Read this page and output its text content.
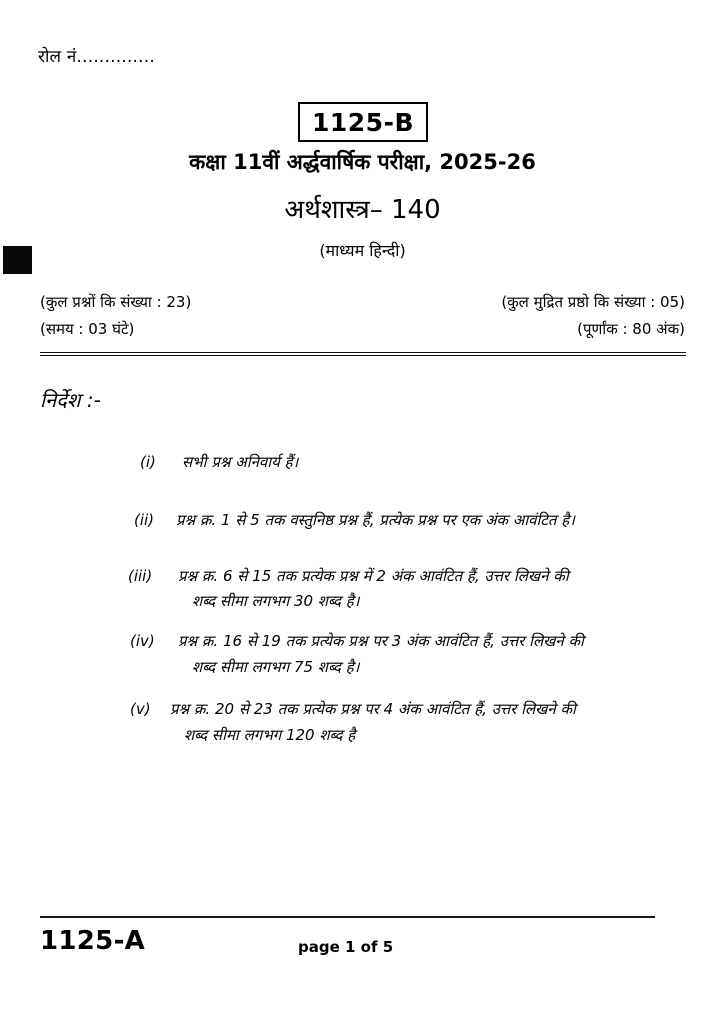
रोल नं..............
1125-B
कक्षा 11वीं अर्द्धवार्षिक परीक्षा, 2025-26
अर्थशास्त्र– 140
(माध्यम हिन्दी)
(कुल प्रश्नों कि संख्या : 23)	(कुल मुद्रित प्रष्ठो कि संख्या : 05)
(समय : 03 घंटे)	(पूर्णांक : 80 अंक)
निर्देश :-
(i)	सभी प्रश्न अनिवार्य हैं।
(ii)	प्रश्न क्र. 1 से 5 तक वस्तुनिष्ठ प्रश्न हैं, प्रत्येक प्रश्न पर एक अंक आवंटित है।
(iii)	प्रश्न क्र. 6 से 15 तक प्रत्येक प्रश्न में 2 अंक आवंटित हैं, उत्तर लिखने की
शब्द सीमा लगभग 30 शब्द है।
(iv)	प्रश्न क्र. 16 से 19 तक प्रत्येक प्रश्न पर 3 अंक आवंटित हैं, उत्तर लिखने की
शब्द सीमा लगभग 75 शब्द है।
(v)	प्रश्न क्र. 20 से 23 तक प्रत्येक प्रश्न पर 4 अंक आवंटित हैं, उत्तर लिखने की
शब्द सीमा लगभग 120 शब्द है
1125-A	page 1 of 5
